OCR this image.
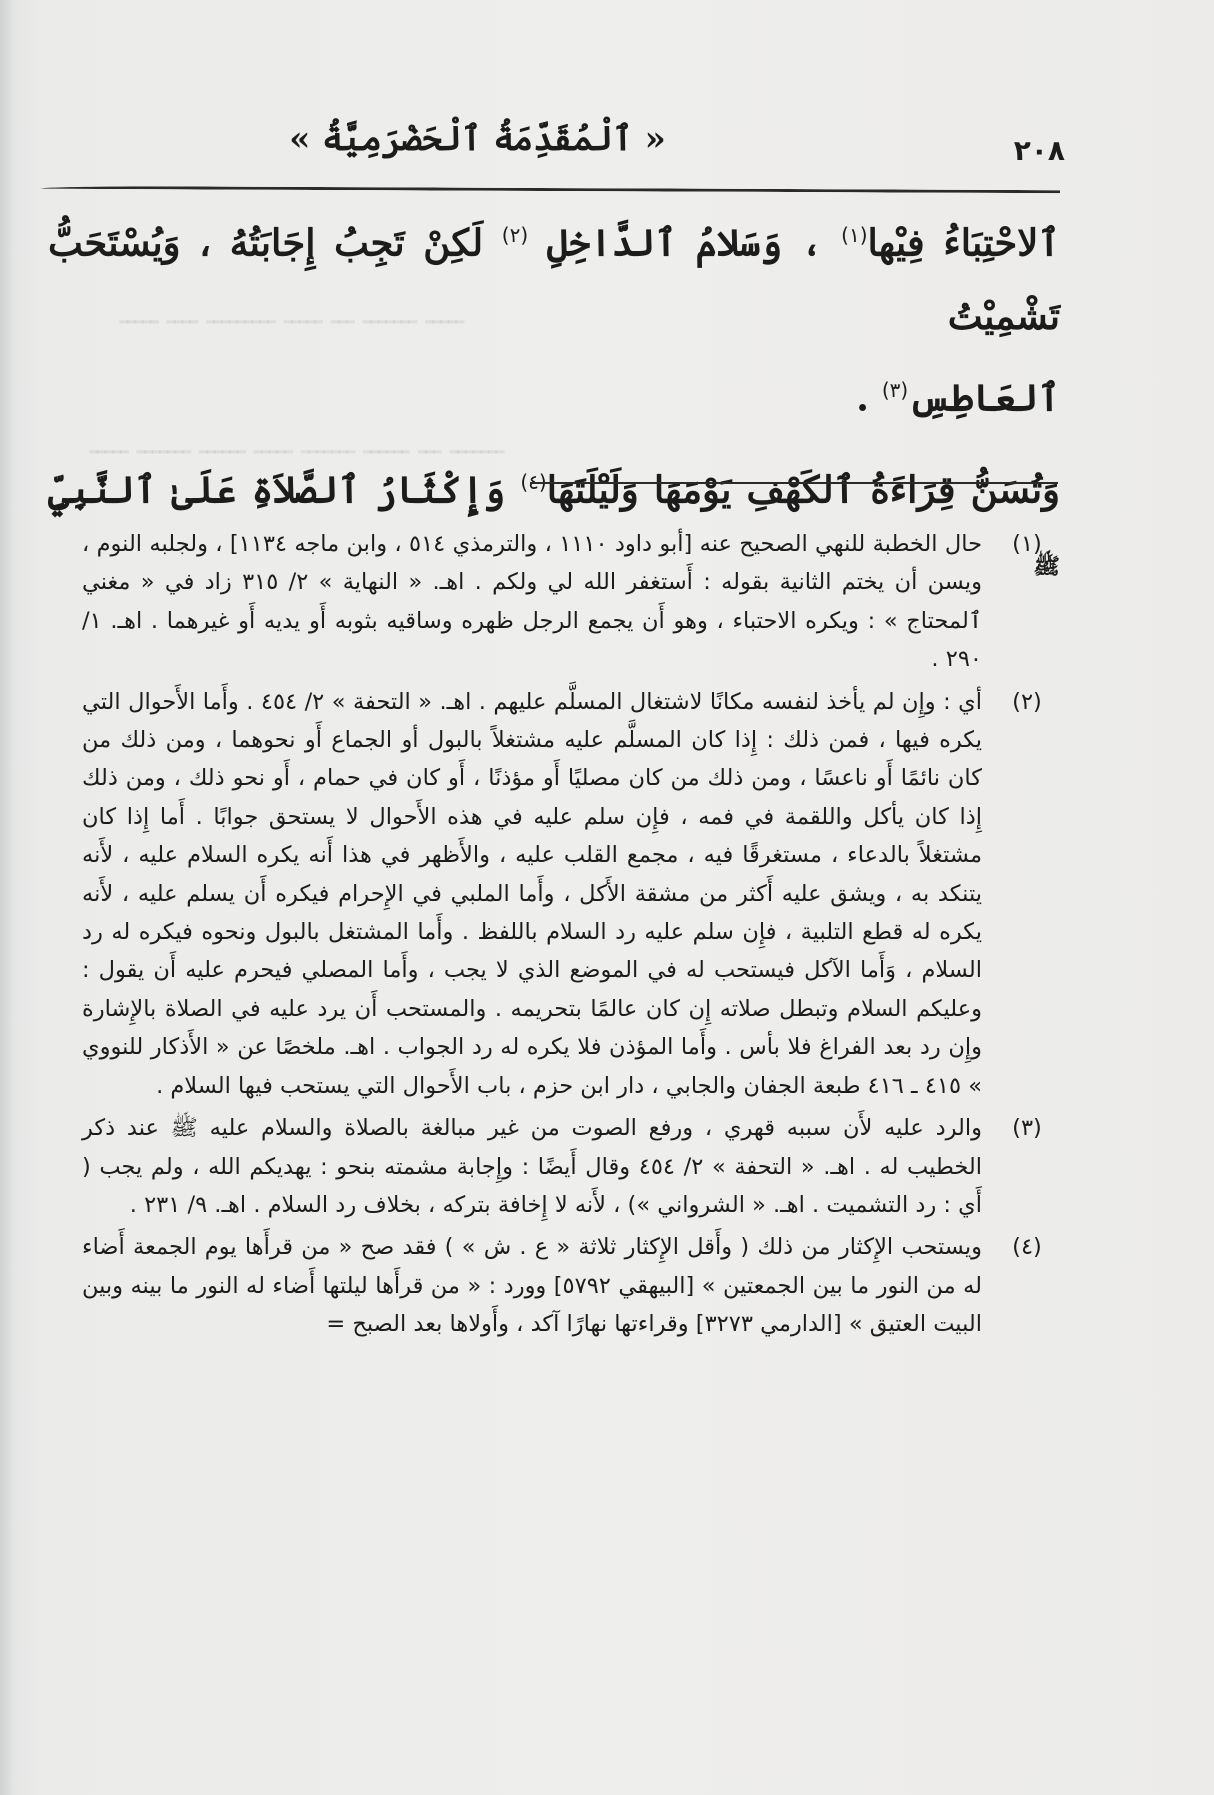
ـــــ ـــــــ ـــ ـــــ ـــــــــ ــــ ـــــ
ـــــــ ـــ ــــــ ـــــــ ـــــ ــــــ ـــــــ ـــــ
« ٱلْمُقَدِّمَةُ ٱلْحَضْرَمِيَّةُ »	٢٠٨

ٱلاحْتِبَاءُ فِيْها$^{(١)}$ ، وَسَلامُ ٱلدَّاخِلِ $^{(٢)}$ لَكِنْ تَجِبُ إِجَابَتُهُ ، وَيُسْتَحَبُّ تَشْمِيْتُ

ٱلعَاطِسِ$^{(٣)}$ .

وَتُسَنُّ قِرَاءَةُ ٱلكَهْفِ يَوْمَهَا وَلَيْلَتَهَا$^{(٤)}$ وَإِكْثَارُ ٱلصَّلاَةِ عَلَىٰ ٱلنَّبِيِّ ﷺ

(١)
حال الخطبة للنهي الصحيح عنه [أبو داود ١١١٠ ، والترمذي ٥١٤ ، وابن ماجه ١١٣٤] ، ولجلبه النوم ، ويسن أن يختم الثانية بقوله : أَستغفر الله لي ولكم . اهـ. « النهاية » ٢/ ٣١٥ زاد في « مغني ٱلمحتاج » : ويكره الاحتباء ، وهو أَن يجمع الرجل ظهره وساقيه بثوبه أَو يديه أَو غيرهما . اهـ. ١/ ٢٩٠ .
(٢)
أي : وإِن لم يأخذ لنفسه مكانًا لاشتغال المسلَّم عليهم . اهـ. « التحفة » ٢/ ٤٥٤ . وأَما الأَحوال التي يكره فيها ، فمن ذلك : إِذا كان المسلَّم عليه مشتغلاً بالبول أو الجماع أَو نحوهما ، ومن ذلك من كان نائمًا أَو ناعسًا ، ومن ذلك من كان مصليًا أَو مؤذنًا ، أَو كان في حمام ، أَو نحو ذلك ، ومن ذلك إِذا كان يأكل واللقمة في فمه ، فإِن سلم عليه في هذه الأَحوال لا يستحق جوابًا . أَما إِذا كان مشتغلاً بالدعاء ، مستغرقًا فيه ، مجمع القلب عليه ، والأَظهر في هذا أَنه يكره السلام عليه ، لأَنه يتنكد به ، ويشق عليه أَكثر من مشقة الأَكل ، وأَما الملبي في الإِحرام فيكره أَن يسلم عليه ، لأَنه يكره له قطع التلبية ، فإِن سلم عليه رد السلام باللفظ . وأَما المشتغل بالبول ونحوه فيكره له رد السلام ، وَأَما الآكل فيستحب له في الموضع الذي لا يجب ، وأَما المصلي فيحرم عليه أَن يقول : وعليكم السلام وتبطل صلاته إِن كان عالمًا بتحريمه . والمستحب أَن يرد عليه في الصلاة بالإِشارة وإِن رد بعد الفراغ فلا بأس . وأَما المؤذن فلا يكره له رد الجواب . اهـ. ملخصًا عن « الأَذكار للنووي » ٤١٥ ـ ٤١٦ طبعة الجفان والجابي ، دار ابن حزم ، باب الأَحوال التي يستحب فيها السلام .
(٣)
والرد عليه لأَن سببه قهري ، ورفع الصوت من غير مبالغة بالصلاة والسلام عليه ﷺ عند ذكر الخطيب له . اهـ. « التحفة » ٢/ ٤٥٤ وقال أَيضًا : وإِجابة مشمته بنحو : يهديكم الله ، ولم يجب ( أَي : رد التشميت . اهـ. « الشرواني ») ، لأَنه لا إِخافة بتركه ، بخلاف رد السلام . اهـ. ٩/ ٢٣١ .
(٤)
ويستحب الإِكثار من ذلك ( وأَقل الإِكثار ثلاثة « ع . ش » ) فقد صح « من قرأَها يوم الجمعة أَضاء له من النور ما بين الجمعتين » [البيهقي ٥٧٩٢] وورد : « من قرأَها ليلتها أَضاء له النور ما بينه وبين البيت العتيق » [الدارمي ٣٢٧٣] وقراءتها نهارًا آكد ، وأَولاها بعد الصبح =
